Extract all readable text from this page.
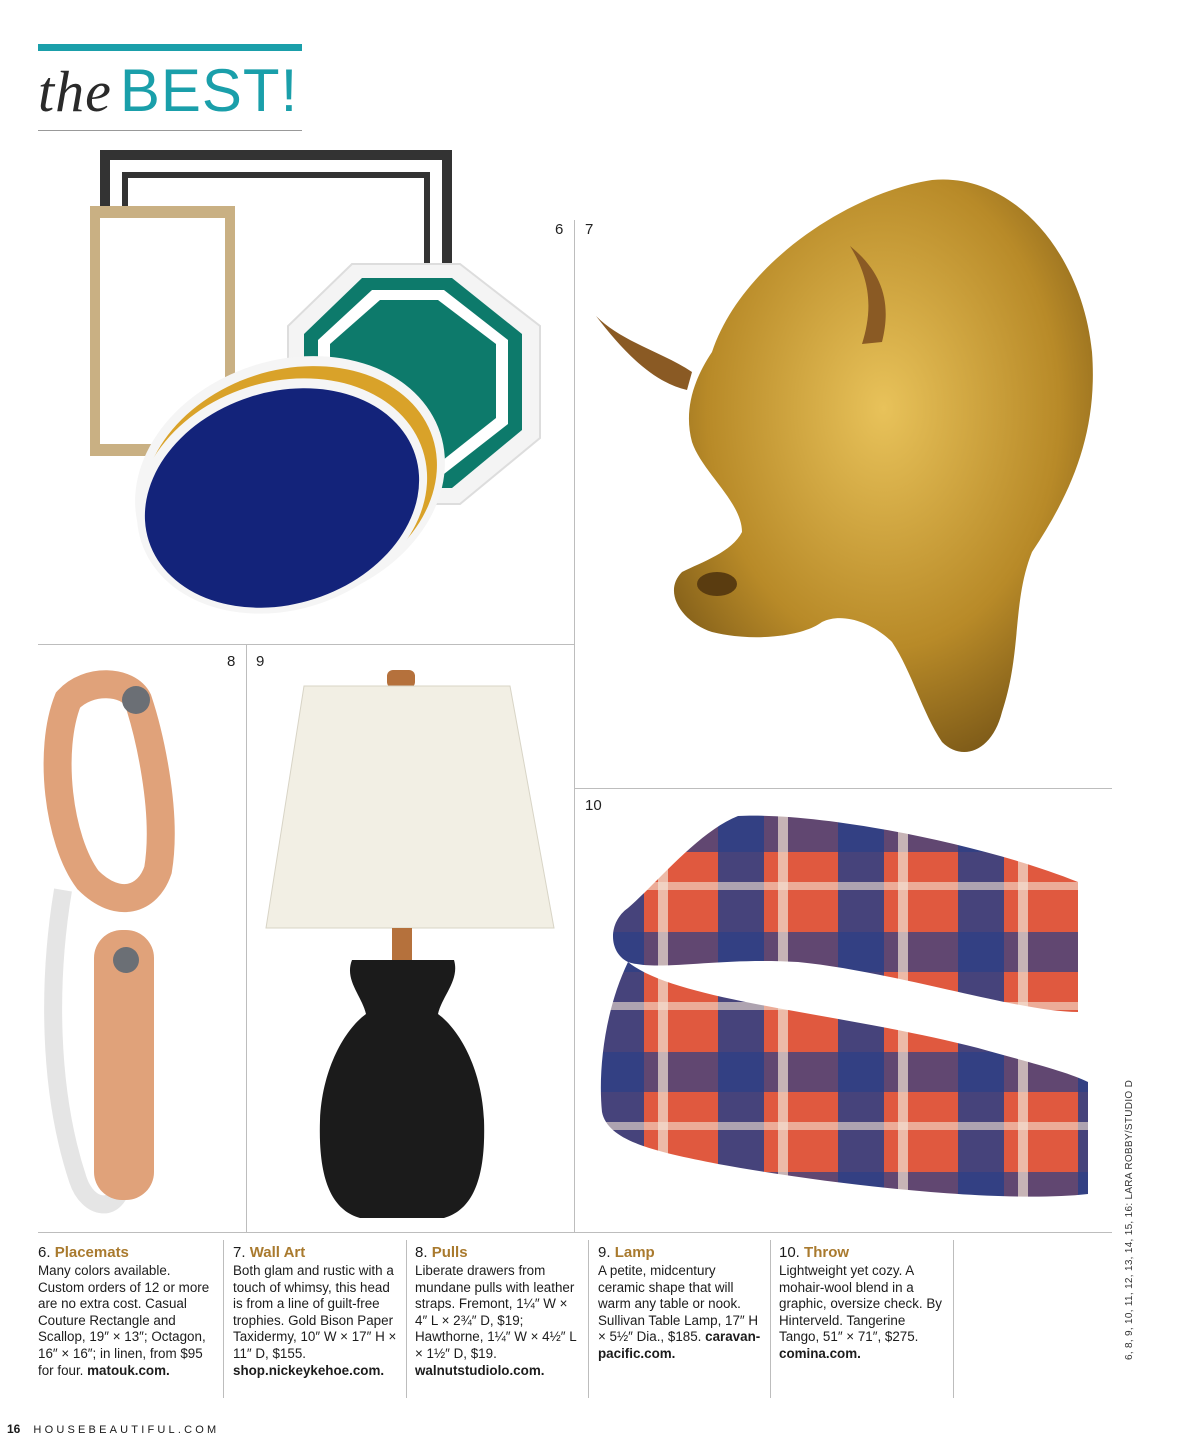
the BEST!
6 7
8 9
10
6. Placemats
Many colors available. Custom orders of 12 or more are no extra cost. Casual Couture Rectangle and Scallop, 19″ × 13″; Octagon, 16″ × 16″; in linen, from $95 for four. matouk.com.
7. Wall Art
Both glam and rustic with a touch of whimsy, this head is from a line of guilt-free trophies. Gold Bison Paper Taxidermy, 10″ W × 17″ H × 11″ D, $155. shop.nickeykehoe.com.
8. Pulls
Liberate drawers from mundane pulls with leather straps. Fremont, 1¼″ W × 4″ L × 2¾″ D, $19; Hawthorne, 1¼″ W × 4½″ L × 1½″ D, $19. walnutstudiolo.com.
9. Lamp
A petite, midcentury ceramic shape that will warm any table or nook. Sullivan Table Lamp, 17″ H × 5½″ Dia., $185. caravan-pacific.com.
10. Throw
Lightweight yet cozy. A mohair-wool blend in a graphic, oversize check. By Hinterveld. Tangerine Tango, 51″ × 71″, $275. comina.com.	6, 8, 9, 10, 11, 12, 13, 14, 15, 16: LARA ROBBY/STUDIO D
16 HOUSEBEAUTIFUL.COM
